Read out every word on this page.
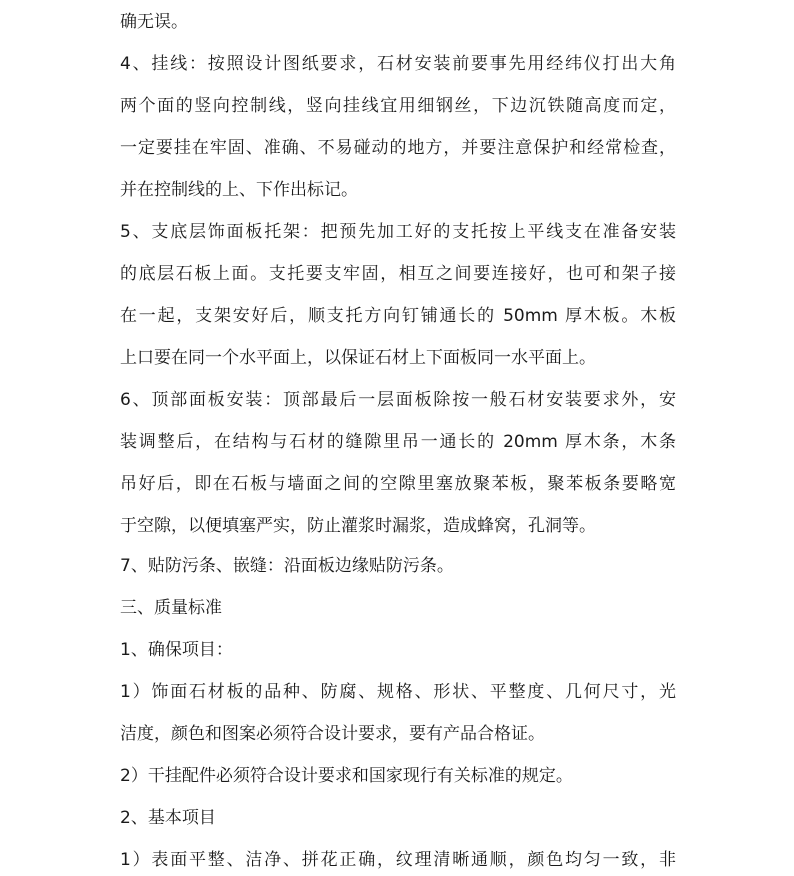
确无误。
4、挂线：按照设计图纸要求，石材安装前要事先用经纬仪打出大角
两个面的竖向控制线，竖向挂线宜用细钢丝，下边沉铁随高度而定，
一定要挂在牢固、准确、不易碰动的地方，并要注意保护和经常检查，
并在控制线的上、下作出标记。
5、支底层饰面板托架：把预先加工好的支托按上平线支在准备安装
的底层石板上面。支托要支牢固，相互之间要连接好，也可和架子接
在一起，支架安好后，顺支托方向钉铺通长的 50mm 厚木板。木板
上口要在同一个水平面上，以保证石材上下面板同一水平面上。
6、顶部面板安装：顶部最后一层面板除按一般石材安装要求外，安
装调整后，在结构与石材的缝隙里吊一通长的 20mm 厚木条，木条
吊好后，即在石板与墙面之间的空隙里塞放聚苯板，聚苯板条要略宽
于空隙，以便填塞严实，防止灌浆时漏浆，造成蜂窝，孔洞等。
7、贴防污条、嵌缝：沿面板边缘贴防污条。
三、质量标准
1、确保项目：
1）饰面石材板的品种、防腐、规格、形状、平整度、几何尺寸，光
洁度，颜色和图案必须符合设计要求，要有产品合格证。
2）干挂配件必须符合设计要求和国家现行有关标准的规定。
2、基本项目
1）表面平整、洁净、拼花正确，纹理清晰通顺，颜色均匀一致，非
